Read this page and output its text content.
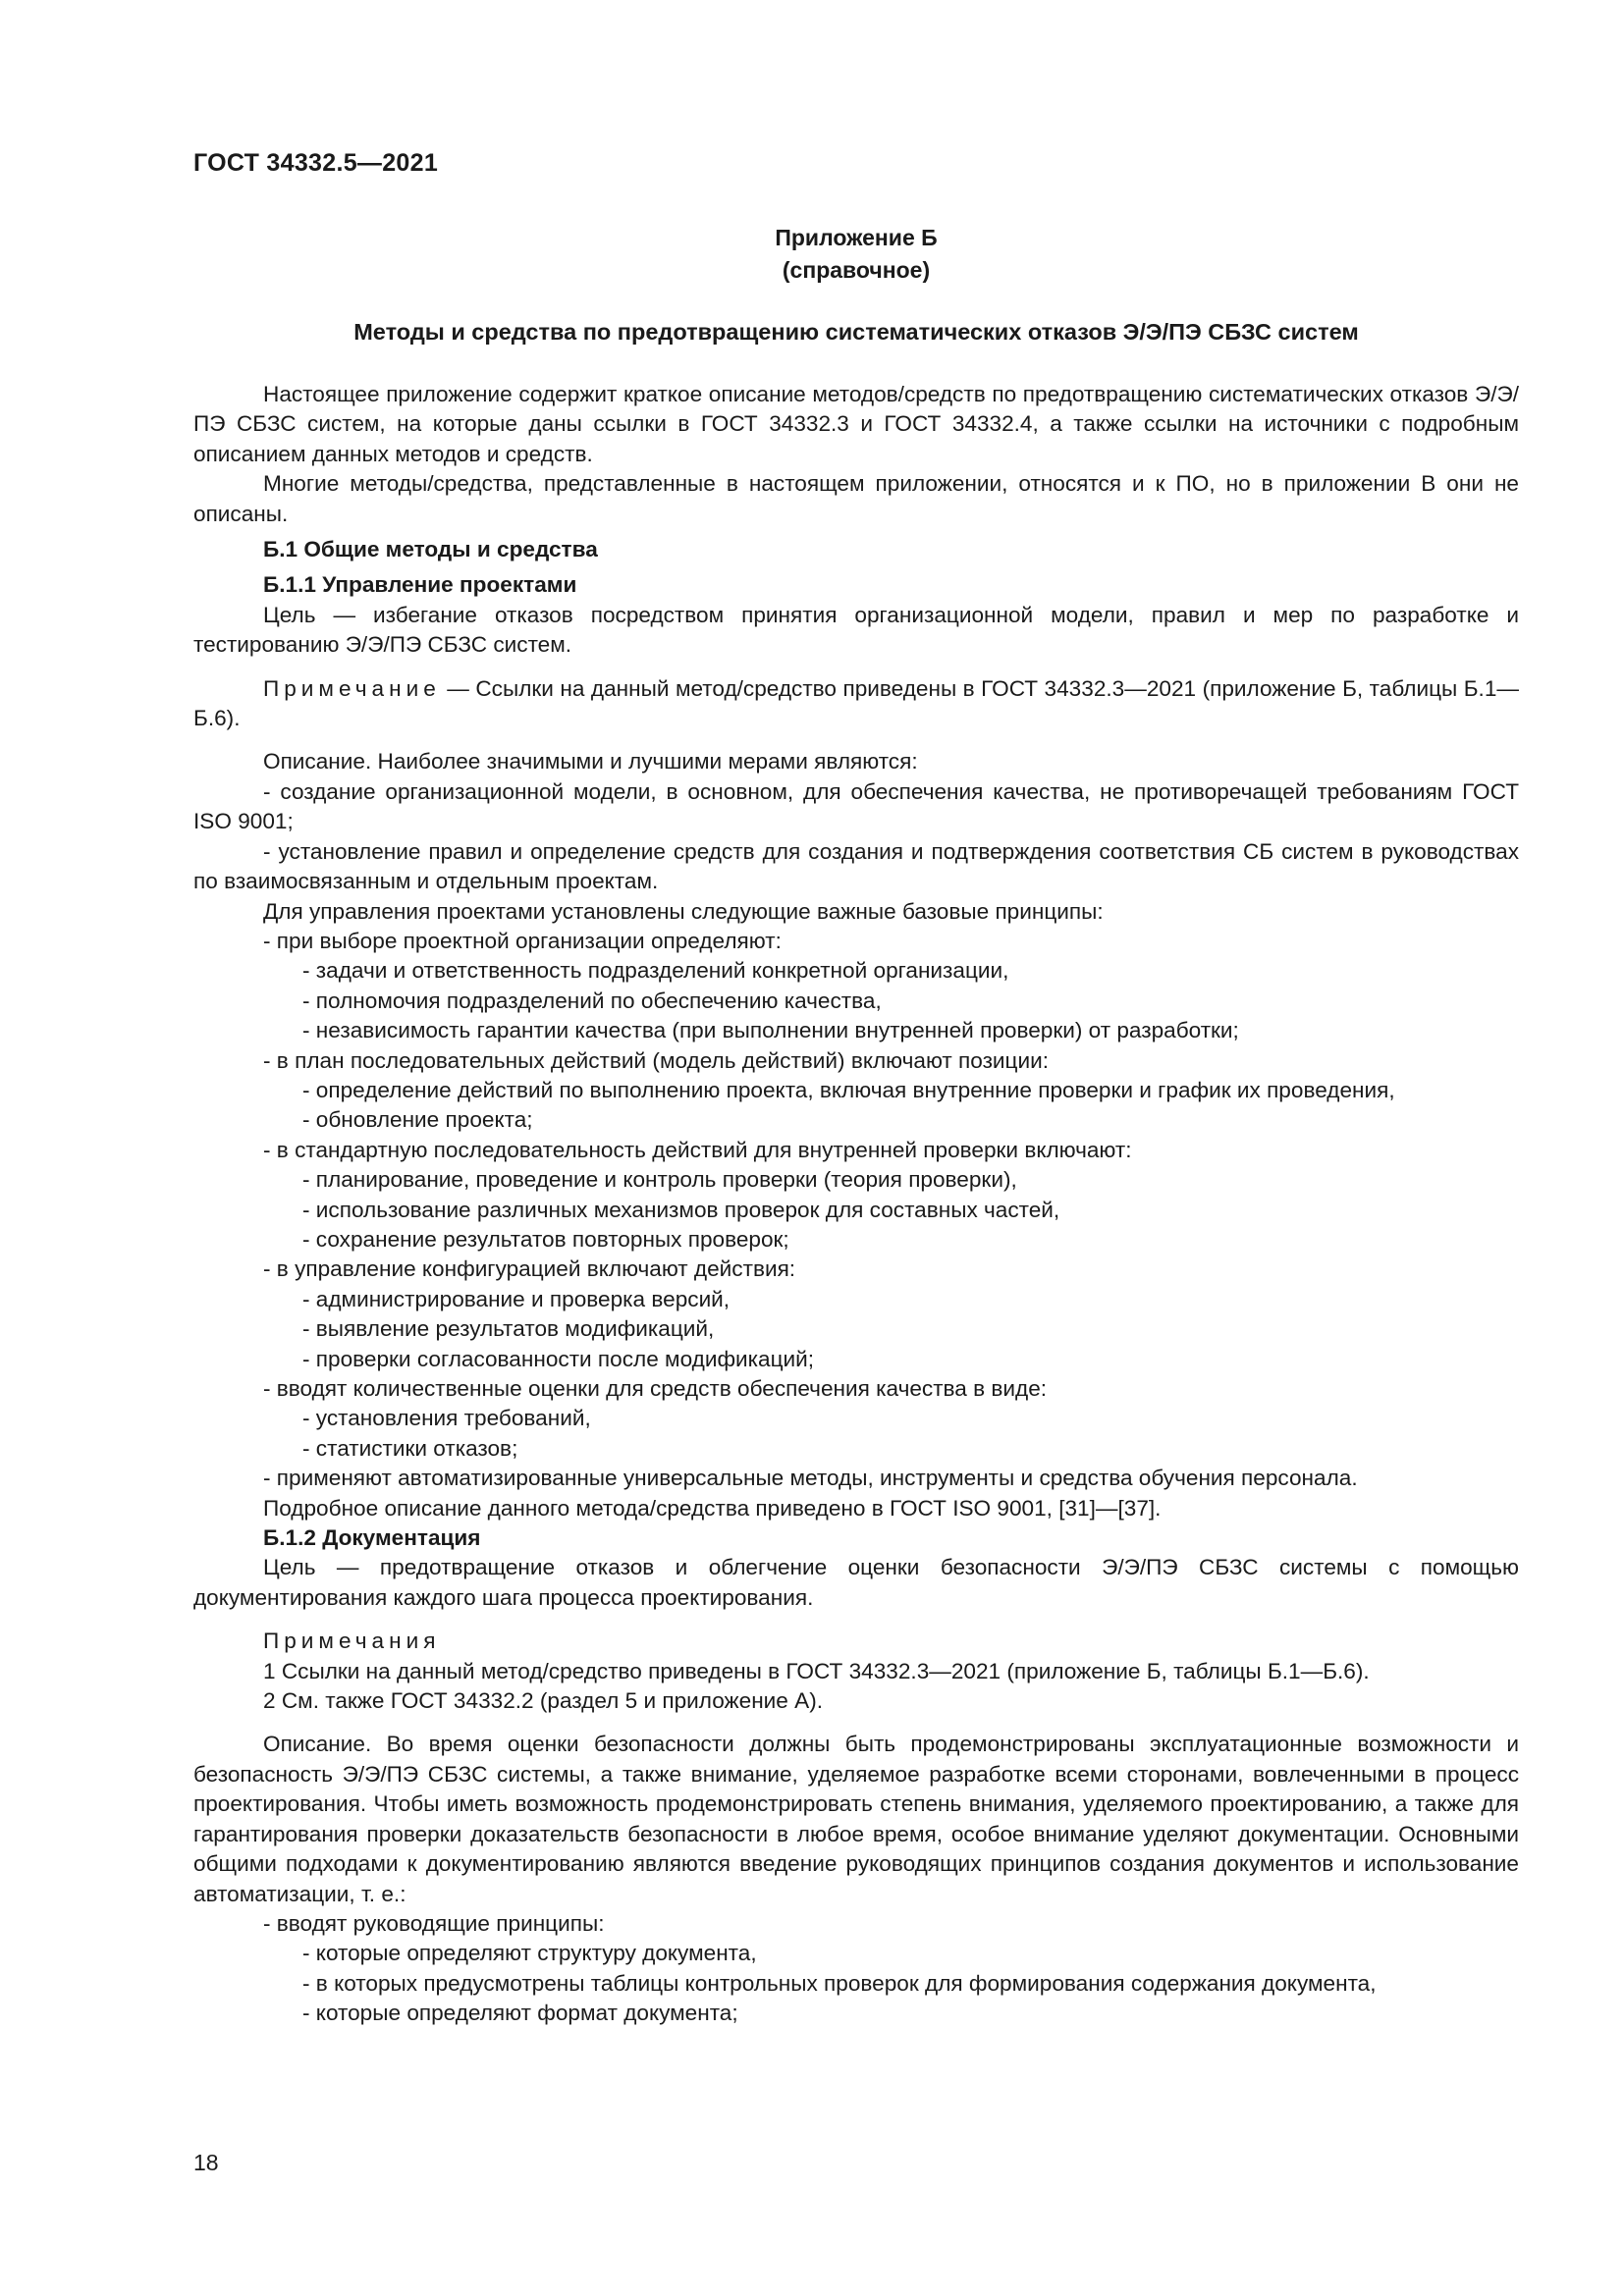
ГОСТ 34332.5—2021
Приложение Б
(справочное)
Методы и средства по предотвращению систематических отказов Э/Э/ПЭ СБЗС систем

Настоящее приложение содержит краткое описание методов/средств по предотвращению систематических отказов Э/Э/ПЭ СБЗС систем, на которые даны ссылки в ГОСТ 34332.3 и ГОСТ 34332.4, а также ссылки на источники с подробным описанием данных методов и средств.

Многие методы/средства, представленные в настоящем приложении, относятся и к ПО, но в приложении В они не описаны.

Б.1 Общие методы и средства

Б.1.1 Управление проектами

Цель — избегание отказов посредством принятия организационной модели, правил и мер по разработке и тестированию Э/Э/ПЭ СБЗС систем.

Примечание — Ссылки на данный метод/средство приведены в ГОСТ 34332.3—2021 (приложение Б, таблицы Б.1—Б.6).

Описание. Наиболее значимыми и лучшими мерами являются:

- создание организационной модели, в основном, для обеспечения качества, не противоречащей требованиям ГОСТ ISO 9001;

- установление правил и определение средств для создания и подтверждения соответствия СБ систем в руководствах по взаимосвязанным и отдельным проектам.

Для управления проектами установлены следующие важные базовые принципы:

- при выборе проектной организации определяют:

- задачи и ответственность подразделений конкретной организации,

- полномочия подразделений по обеспечению качества,

- независимость гарантии качества (при выполнении внутренней проверки) от разработки;

- в план последовательных действий (модель действий) включают позиции:

- определение действий по выполнению проекта, включая внутренние проверки и график их проведения,

- обновление проекта;

- в стандартную последовательность действий для внутренней проверки включают:

- планирование, проведение и контроль проверки (теория проверки),

- использование различных механизмов проверок для составных частей,

- сохранение результатов повторных проверок;

- в управление конфигурацией включают действия:

- администрирование и проверка версий,

- выявление результатов модификаций,

- проверки согласованности после модификаций;

- вводят количественные оценки для средств обеспечения качества в виде:

- установления требований,

- статистики отказов;

- применяют автоматизированные универсальные методы, инструменты и средства обучения персонала.

Подробное описание данного метода/средства приведено в ГОСТ ISO 9001, [31]—[37].

Б.1.2 Документация

Цель — предотвращение отказов и облегчение оценки безопасности Э/Э/ПЭ СБЗС системы с помощью документирования каждого шага процесса проектирования.

Примечания

1 Ссылки на данный метод/средство приведены в ГОСТ 34332.3—2021 (приложение Б, таблицы Б.1—Б.6).

2 См. также ГОСТ 34332.2 (раздел 5 и приложение А).

Описание. Во время оценки безопасности должны быть продемонстрированы эксплуатационные возможности и безопасность Э/Э/ПЭ СБЗС системы, а также внимание, уделяемое разработке всеми сторонами, вовлеченными в процесс проектирования. Чтобы иметь возможность продемонстрировать степень внимания, уделяемого проектированию, а также для гарантирования проверки доказательств безопасности в любое время, особое внимание уделяют документации. Основными общими подходами к документированию являются введение руководящих принципов создания документов и использование автоматизации, т. е.:

- вводят руководящие принципы:

- которые определяют структуру документа,

- в которых предусмотрены таблицы контрольных проверок для формирования содержания документа,

- которые определяют формат документа;

18
